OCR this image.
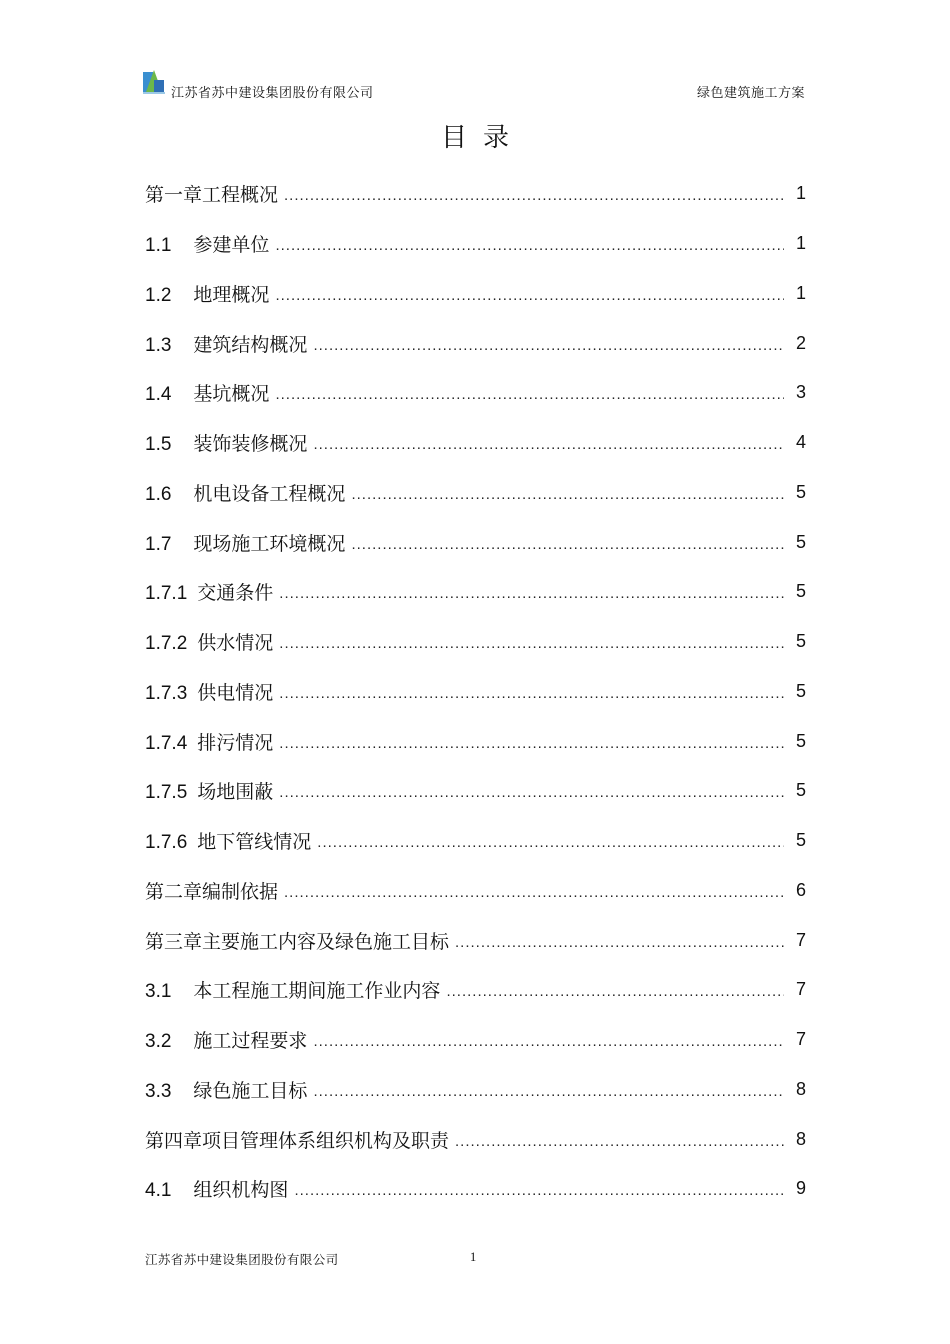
江苏省苏中建设集团股份有限公司	绿色建筑施工方案
目录
第一章工程概况 .....	1
1.1 参建单位 .....	1
1.2 地理概况 .....	1
1.3 建筑结构概况 .....	2
1.4 基坑概况 .....	3
1.5 装饰装修概况 .....	4
1.6 机电设备工程概况 .....	5
1.7 现场施工环境概况 .....	5
1.7.1 交通条件 .....	5
1.7.2 供水情况 .....	5
1.7.3 供电情况 .....	5
1.7.4 排污情况 .....	5
1.7.5 场地围蔽 .....	5
1.7.6 地下管线情况 .....	5
第二章编制依据 .....	6
第三章主要施工内容及绿色施工目标 .....	7
3.1 本工程施工期间施工作业内容 .....	7
3.2 施工过程要求 .....	7
3.3 绿色施工目标 .....	8
第四章项目管理体系组织机构及职责 .....	8
4.1 组织机构图 .....	9
江苏省苏中建设集团股份有限公司	1
